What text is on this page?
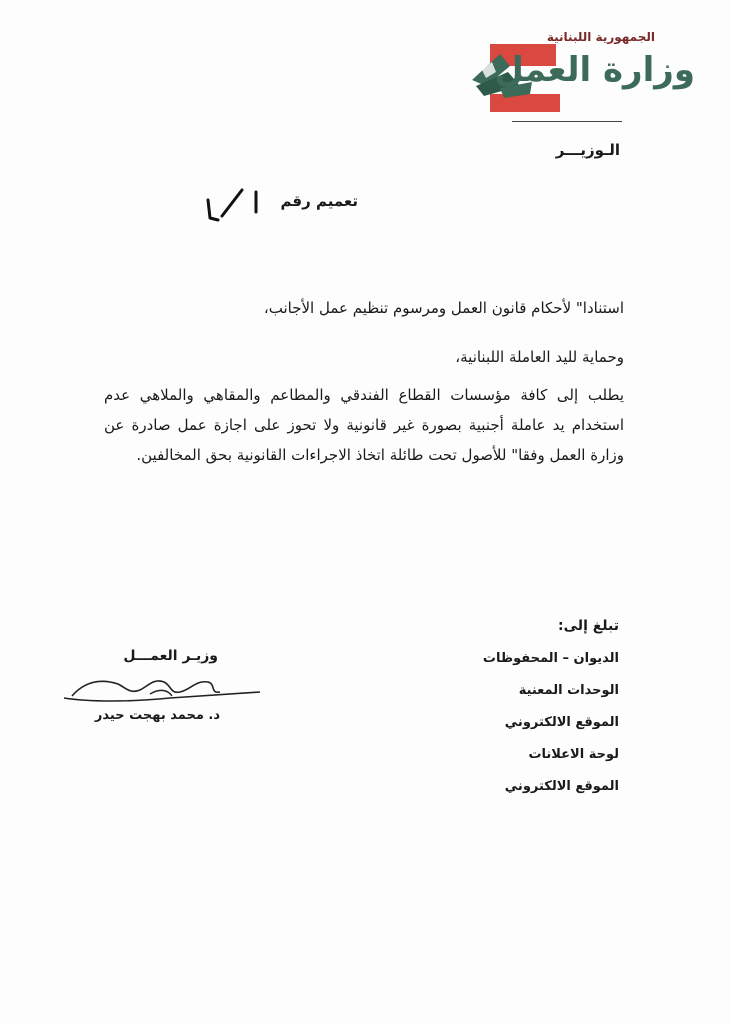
الجمهورية اللبنانية
وزارة العمل
الـوزيـــر
تعميم رقم
استنادا" لأحكام قانون العمل ومرسوم تنظيم عمل الأجانب،
وحماية لليد العاملة اللبنانية،
يطلب إلى كافة مؤسسات القطاع الفندقي والمطاعم والمقاهي والملاهي عدم استخدام يد عاملة أجنبية بصورة غير قانونية ولا تحوز على اجازة عمل صادرة عن وزارة العمل وفقا" للأصول تحت طائلة اتخاذ الاجراءات القانونية بحق المخالفين.
تبلغ إلى:
الديوان – المحفوظات
الوحدات المعنية
الموقع الالكتروني
لوحة الاعلانات
الموقع الالكتروني
وزيـر العمـــل
د. محمد بهجت حيدر
